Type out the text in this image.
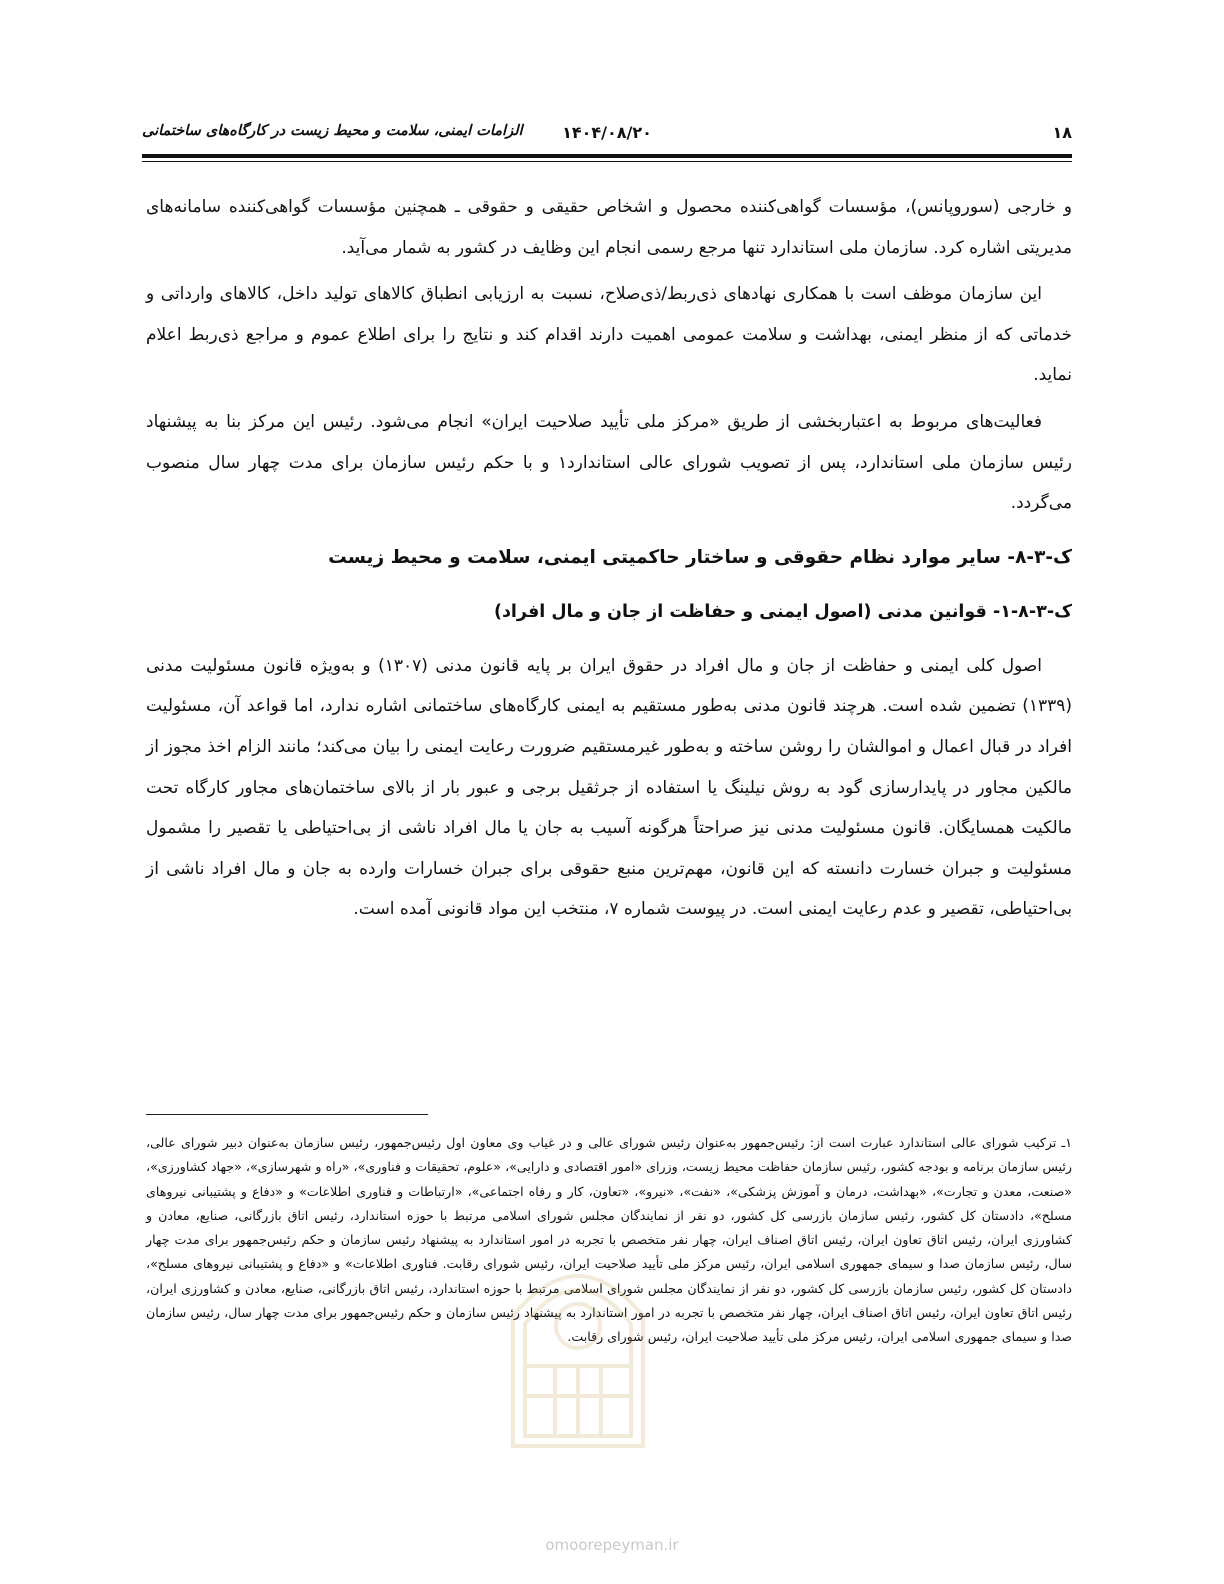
۱۸
۱۴۰۴/۰۸/۲۰
الزامات ایمنی، سلامت و محیط زیست در کارگاه‌های ساختمانی

و خارجی (سوروپانس)، مؤسسات گواهی‌کننده محصول و اشخاص حقیقی و حقوقی ـ همچنین مؤسسات گواهی‌کننده سامانه‌های مدیریتی اشاره کرد. سازمان ملی استاندارد تنها مرجع رسمی انجام این وظایف در کشور به شمار می‌آید.

این سازمان موظف است با همکاری نهادهای ذی‌ربط/ذی‌صلاح، نسبت به ارزیابی انطباق کالاهای تولید داخل، کالاهای وارداتی و خدماتی که از منظر ایمنی، بهداشت و سلامت عمومی اهمیت دارند اقدام کند و نتایج را برای اطلاع عموم و مراجع ذی‌ربط اعلام نماید.

فعالیت‌های مربوط به اعتباربخشی از طریق «مرکز ملی تأیید صلاحیت ایران» انجام می‌شود. رئیس این مرکز بنا به پیشنهاد رئیس سازمان ملی استاندارد، پس از تصویب شورای عالی استاندارد۱ و با حکم رئیس سازمان برای مدت چهار سال منصوب می‌گردد.

ک-۳-۸- سایر موارد نظام حقوقی و ساختار حاکمیتی ایمنی، سلامت و محیط زیست
ک-۳-۸-۱- قوانین مدنی (اصول ایمنی و حفاظت از جان و مال افراد)

اصول کلی ایمنی و حفاظت از جان و مال افراد در حقوق ایران بر پایه قانون مدنی (۱۳۰۷) و به‌ویژه قانون مسئولیت مدنی (۱۳۳۹) تضمین شده است. هرچند قانون مدنی به‌طور مستقیم به ایمنی کارگاه‌های ساختمانی اشاره ندارد، اما قواعد آن، مسئولیت افراد در قبال اعمال و اموالشان را روشن ساخته و به‌طور غیرمستقیم ضرورت رعایت ایمنی را بیان می‌کند؛ مانند الزام اخذ مجوز از مالکین مجاور در پایدارسازی گود به روش نیلینگ یا استفاده از جرثقیل برجی و عبور بار از بالای ساختمان‌های مجاور کارگاه تحت مالکیت همسایگان. قانون مسئولیت مدنی نیز صراحتاً هرگونه آسیب به جان یا مال افراد ناشی از بی‌احتیاطی یا تقصیر را مشمول مسئولیت و جبران خسارت دانسته که این قانون، مهم‌ترین منبع حقوقی برای جبران خسارات وارده به جان و مال افراد ناشی از بی‌احتیاطی، تقصیر و عدم رعایت ایمنی است. در پیوست شماره ۷، منتخب این مواد قانونی آمده است.

۱ـ ترکیب شورای عالی استاندارد عبارت است از: رئیس‌جمهور به‌عنوان رئیس شورای عالی و در غیاب وی معاون اول رئیس‌جمهور، رئیس سازمان به‌عنوان دبیر شورای عالی، رئیس سازمان برنامه و بودجه کشور، رئیس سازمان حفاظت محیط زیست، وزرای «امور اقتصادی و دارایی»، «علوم، تحقیقات و فناوری»، «راه و شهرسازی»، «جهاد کشاورزی»، «صنعت، معدن و تجارت»، «بهداشت، درمان و آموزش پزشکی»، «نفت»، «نیرو»، «تعاون، کار و رفاه اجتماعی»، «ارتباطات و فناوری اطلاعات» و «دفاع و پشتیبانی نیروهای مسلح»، دادستان کل کشور، رئیس سازمان بازرسی کل کشور، دو نفر از نمایندگان مجلس شورای اسلامی مرتبط با حوزه استاندارد، رئیس اتاق بازرگانی، صنایع، معادن و کشاورزی ایران، رئیس اتاق تعاون ایران، رئیس اتاق اصناف ایران، چهار نفر متخصص با تجربه در امور استاندارد به پیشنهاد رئیس سازمان و حکم رئیس‌جمهور برای مدت چهار سال، رئیس سازمان صدا و سیمای جمهوری اسلامی ایران، رئیس مرکز ملی تأیید صلاحیت ایران، رئیس شورای رقابت. فناوری اطلاعات» و «دفاع و پشتیبانی نیروهای مسلح»، دادستان کل کشور، رئیس سازمان بازرسی کل کشور، دو نفر از نمایندگان مجلس شورای اسلامی مرتبط با حوزه استاندارد، رئیس اتاق بازرگانی، صنایع، معادن و کشاورزی ایران، رئیس اتاق تعاون ایران، رئیس اتاق اصناف ایران، چهار نفر متخصص با تجربه در امور استاندارد به پیشنهاد رئیس سازمان و حکم رئیس‌جمهور برای مدت چهار سال، رئیس سازمان صدا و سیمای جمهوری اسلامی ایران، رئیس مرکز ملی تأیید صلاحیت ایران، رئیس شورای رقابت.

omoorepeyman.ir
